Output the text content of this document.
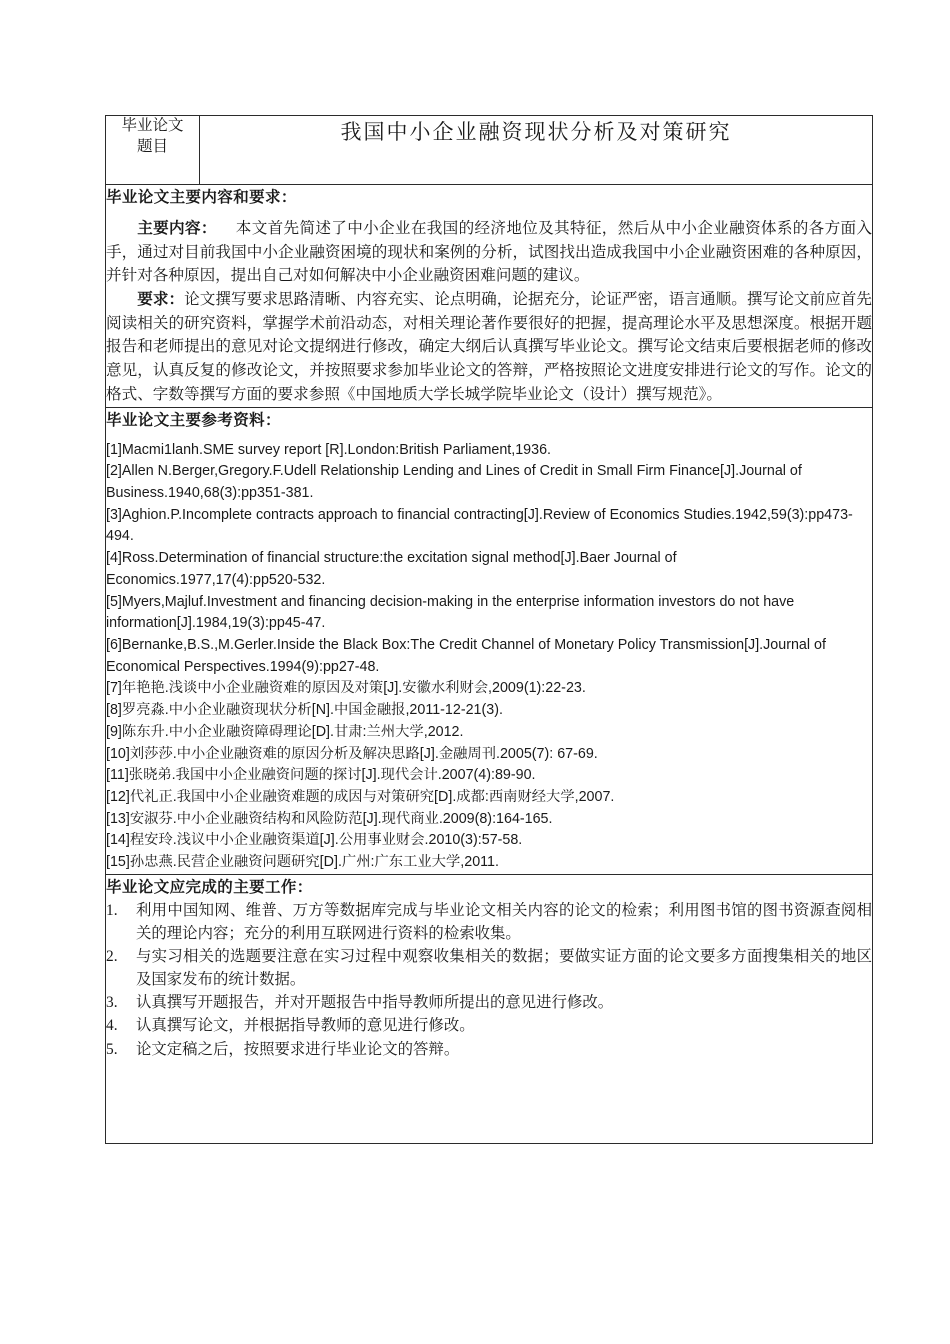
毕业论文
题目
	我国中小企业融资现状分析及对策研究

毕业论文主要内容和要求：

主要内容： 本文首先简述了中小企业在我国的经济地位及其特征，然后从中小企业融资体系的各方面入手，通过对目前我国中小企业融资困境的现状和案例的分析，试图找出造成我国中小企业融资困难的各种原因，并针对各种原因，提出自己对如何解决中小企业融资困难问题的建议。

要求：论文撰写要求思路清晰、内容充实、论点明确，论据充分，论证严密，语言通顺。撰写论文前应首先阅读相关的研究资料，掌握学术前沿动态，对相关理论著作要很好的把握，提高理论水平及思想深度。根据开题报告和老师提出的意见对论文提纲进行修改，确定大纲后认真撰写毕业论文。撰写论文结束后要根据老师的修改意见，认真反复的修改论文，并按照要求参加毕业论文的答辩，严格按照论文进度安排进行论文的写作。论文的格式、字数等撰写方面的要求参照《中国地质大学长城学院毕业论文（设计）撰写规范》。

毕业论文主要参考资料：
[1]Macmi1lanh.SME survey report [R].London:British Parliament,1936.
[2]Allen N.Berger,Gregory.F.Udell Relationship Lending and Lines of Credit in Small Firm Finance[J].Journal of Business.1940,68(3):pp351-381.
[3]Aghion.P.Incomplete contracts approach to financial contracting[J].Review of Economics Studies.1942,59(3):pp473-494.
[4]Ross.Determination of financial structure:the excitation signal method[J].Baer Journal of Economics.1977,17(4):pp520-532.
[5]Myers,Majluf.Investment and financing decision-making in the enterprise information investors do not have information[J].1984,19(3):pp45-47.
[6]Bernanke,B.S.,M.Gerler.Inside the Black Box:The Credit Channel of Monetary Policy Transmission[J].Journal of Economical Perspectives.1994(9):pp27-48.
[7]年艳艳.浅谈中小企业融资难的原因及对策[J].安徽水利财会,2009(1):22-23.
[8]罗亮淼.中小企业融资现状分析[N].中国金融报,2011-12-21(3).
[9]陈东升.中小企业融资障碍理论[D].甘肃:兰州大学,2012.
[10]刘莎莎.中小企业融资难的原因分析及解决思路[J].金融周刊.2005(7): 67-69.
[11]张晓弟.我国中小企业融资问题的探讨[J].现代会计.2007(4):89-90.
[12]代礼正.我国中小企业融资难题的成因与对策研究[D].成都:西南财经大学,2007.
[13]安淑芬.中小企业融资结构和风险防范[J].现代商业.2009(8):164-165.
[14]程安玲.浅议中小企业融资渠道[J].公用事业财会.2010(3):57-58.
[15]孙忠燕.民营企业融资问题研究[D].广州:广东工业大学,2011.

毕业论文应完成的主要工作：
1.	利用中国知网、维普、万方等数据库完成与毕业论文相关内容的论文的检索；利用图书馆的图书资源查阅相关的理论内容；充分的利用互联网进行资料的检索收集。
2.	与实习相关的选题要注意在实习过程中观察收集相关的数据；要做实证方面的论文要多方面搜集相关的地区及国家发布的统计数据。
3.	认真撰写开题报告，并对开题报告中指导教师所提出的意见进行修改。
4.	认真撰写论文，并根据指导教师的意见进行修改。
5.	论文定稿之后，按照要求进行毕业论文的答辩。
